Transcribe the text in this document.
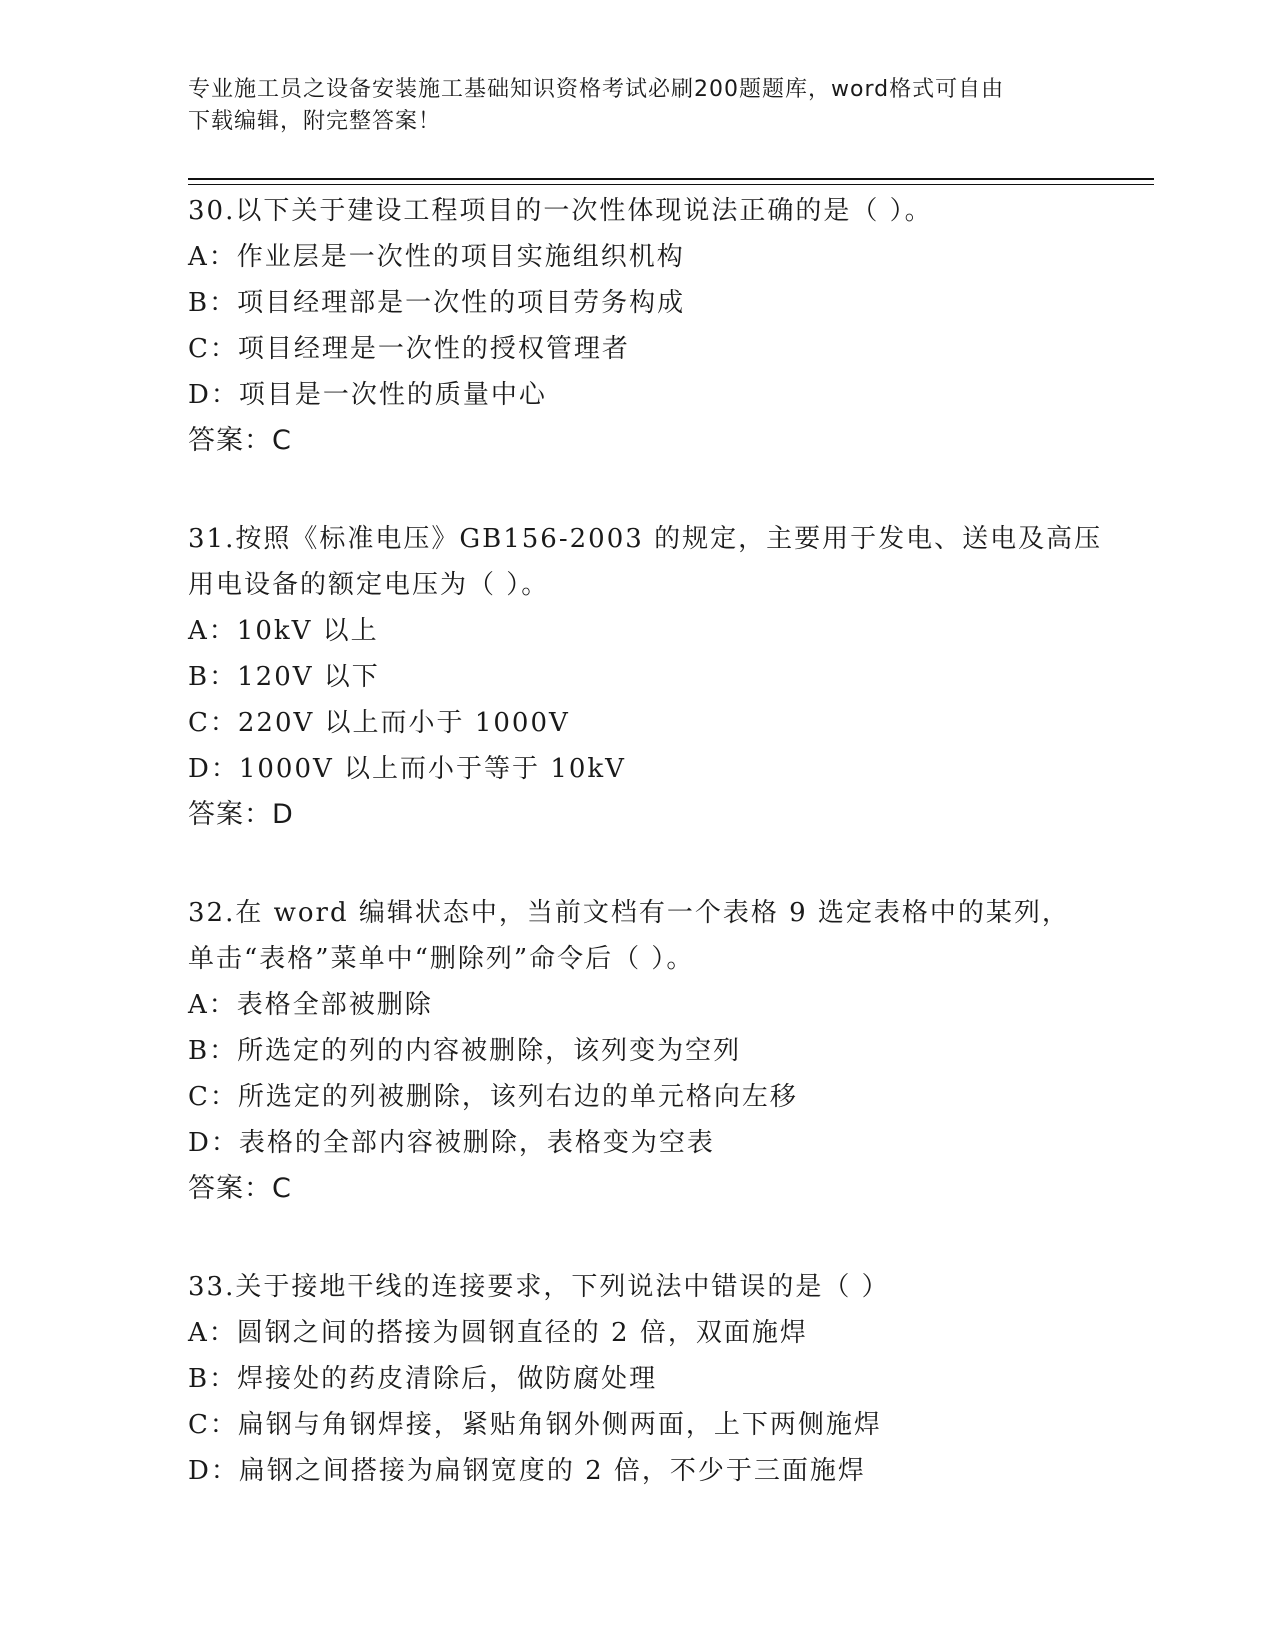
专业施工员之设备安装施工基础知识资格考试必刷200题题库，word格式可自由
下载编辑，附完整答案！
30.以下关于建设工程项目的一次性体现说法正确的是（ ）。
A：作业层是一次性的项目实施组织机构
B：项目经理部是一次性的项目劳务构成
C：项目经理是一次性的授权管理者
D：项目是一次性的质量中心
答案：C
31.按照《标准电压》GB156-2003 的规定，主要用于发电、送电及高压
用电设备的额定电压为（ ）。
A：10kV 以上
B：120V 以下
C：220V 以上而小于 1000V
D：1000V 以上而小于等于 10kV
答案：D
32.在 word 编辑状态中，当前文档有一个表格 9 选定表格中的某列，
单击“表格”菜单中“删除列”命令后（ ）。
A：表格全部被删除
B：所选定的列的内容被删除，该列变为空列
C：所选定的列被删除，该列右边的单元格向左移
D：表格的全部内容被删除，表格变为空表
答案：C
33.关于接地干线的连接要求，下列说法中错误的是（ ）
A：圆钢之间的搭接为圆钢直径的 2 倍，双面施焊
B：焊接处的药皮清除后，做防腐处理
C：扁钢与角钢焊接，紧贴角钢外侧两面，上下两侧施焊
D：扁钢之间搭接为扁钢宽度的 2 倍，不少于三面施焊
